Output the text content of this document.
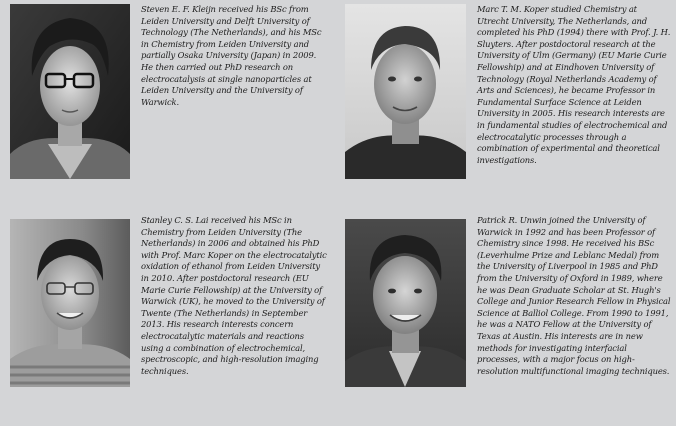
Steven E. F. Kleijn received his BSc from Leiden University and Delft University of Technology (The Netherlands), and his MSc in Chemistry from Leiden University and partially Osaka University (Japan) in 2009. He then carried out PhD research on electrocatalysis at single nanoparticles at Leiden University and the University of Warwick.

Marc T. M. Koper studied Chemistry at Utrecht University, The Netherlands, and completed his PhD (1994) there with Prof. J. H. Sluyters. After postdoctoral research at the University of Ulm (Germany) (EU Marie Curie Fellowship) and at Eindhoven University of Technology (Royal Netherlands Academy of Arts and Sciences), he became Professor in Fundamental Surface Science at Leiden University in 2005. His research interests are in fundamental studies of electrochemical and electrocatalytic processes through a combination of experimental and theoretical investigations.

Stanley C. S. Lai received his MSc in Chemistry from Leiden University (The Netherlands) in 2006 and obtained his PhD with Prof. Marc Koper on the electrocatalytic oxidation of ethanol from Leiden University in 2010. After postdoctoral research (EU Marie Curie Fellowship) at the University of Warwick (UK), he moved to the University of Twente (The Netherlands) in September 2013. His research interests concern electrocatalytic materials and reactions using a combination of electrochemical, spectroscopic, and high-resolution imaging techniques.

Patrick R. Unwin joined the University of Warwick in 1992 and has been Professor of Chemistry since 1998. He received his BSc (Leverhulme Prize and Leblanc Medal) from the University of Liverpool in 1985 and PhD from the University of Oxford in 1989, where he was Dean Graduate Scholar at St. Hugh's College and Junior Research Fellow in Physical Science at Balliol College. From 1990 to 1991, he was a NATO Fellow at the University of Texas at Austin. His interests are in new methods for investigating interfacial processes, with a major focus on high-resolution multifunctional imaging techniques.
